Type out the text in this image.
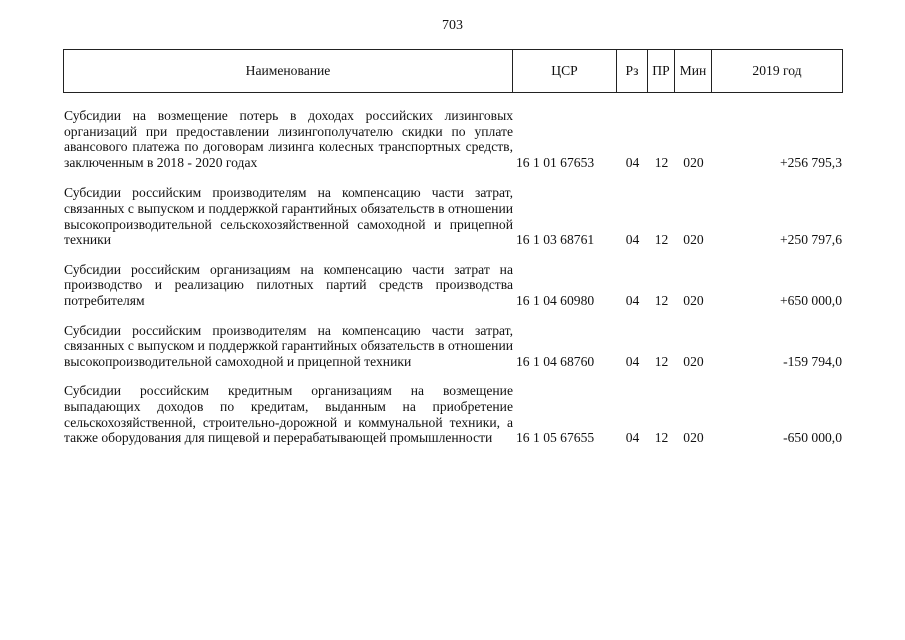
703
Наименование	ЦСР	Рз	ПР Мин	2019 год
Субсидии на возмещение потерь в доходах российских лизинговых организаций при предоставлении лизингополучателю скидки по уплате авансового платежа по договорам лизинга колесных транспортных средств, заключенным в 2018 - 2020 годах	16 1 01 67653	04	12	020	+256 795,3
Субсидии российским производителям на компенсацию части затрат, связанных с выпуском и поддержкой гарантийных обязательств в отношении высокопроизводительной сельскохозяйственной самоходной и прицепной техники	16 1 03 68761	04	12	020	+250 797,6
Субсидии российским организациям на компенсацию части затрат на производство и реализацию пилотных партий средств производства потребителям	16 1 04 60980	04	12	020	+650 000,0
Субсидии российским производителям на компенсацию части затрат, связанных с выпуском и поддержкой гарантийных обязательств в отношении высокопроизводительной самоходной и прицепной техники	16 1 04 68760	04	12	020	-159 794,0
Субсидии российским кредитным организациям на возмещение выпадающих доходов по кредитам, выданным на приобретение сельскохозяйственной, строительно-дорожной и коммунальной техники, а также оборудования для пищевой и перерабатывающей промышленности	16 1 05 67655	04	12	020	-650 000,0
